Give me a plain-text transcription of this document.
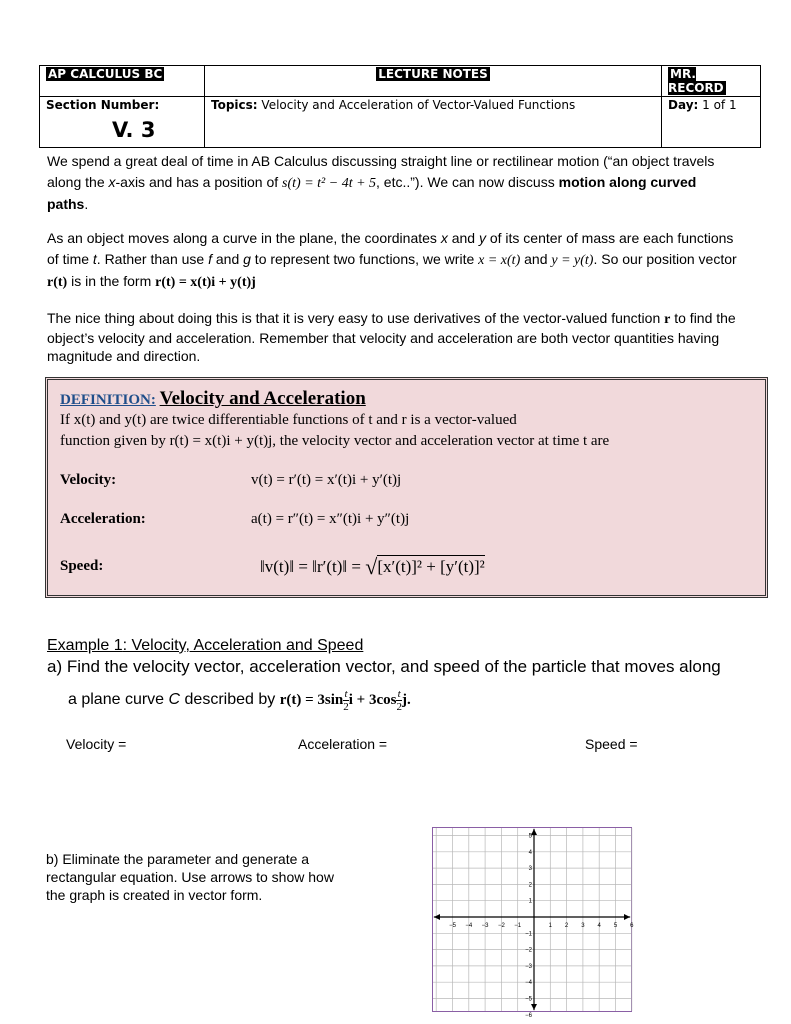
AP CALCULUS BC	LECTURE NOTES	MR. RECORD
Section Number:
V. 3	Topics: Velocity and Acceleration of Vector-Valued Functions	Day: 1 of 1
We spend a great deal of time in AB Calculus discussing straight line or rectilinear motion (“an object travels along the x-axis and has a position of s(t) = t² − 4t + 5, etc..”). We can now discuss motion along curved paths.
As an object moves along a curve in the plane, the coordinates x and y of its center of mass are each functions of time t. Rather than use f and g to represent two functions, we write x = x(t) and y = y(t). So our position vector r(t) is in the form r(t) = x(t)i + y(t)j
The nice thing about doing this is that it is very easy to use derivatives of the vector-valued function r to find the object’s velocity and acceleration. Remember that velocity and acceleration are both vector quantities having magnitude and direction.
DEFINITION: Velocity and Acceleration
If x(t) and y(t) are twice differentiable functions of t and r is a vector-valued
function given by r(t) = x(t)i + y(t)j, the velocity vector and acceleration vector at time t are
Velocity:	v(t) = r′(t) = x′(t)i + y′(t)j
Acceleration:	a(t) = r″(t) = x″(t)i + y″(t)j
Speed:	‖v(t)‖ = ‖r′(t)‖ = √[x′(t)]² + [y′(t)]²
Example 1: Velocity, Acceleration and Speed
a) Find the velocity vector, acceleration vector, and speed of the particle that moves along
a plane curve C described by $r(t) = 3\sin \frac{t}{2}$ $i + 3\cos \frac{t}{2} j$.
Velocity =	Acceleration =	Speed =
b) Eliminate the parameter and generate a rectangular equation. Use arrows to show how the graph is created in vector form.
−5 −4 −3 −2 −1	1 2 3 4 5 6
5
4
3
2
1
−1
−2
−3
−4
−5
−6
